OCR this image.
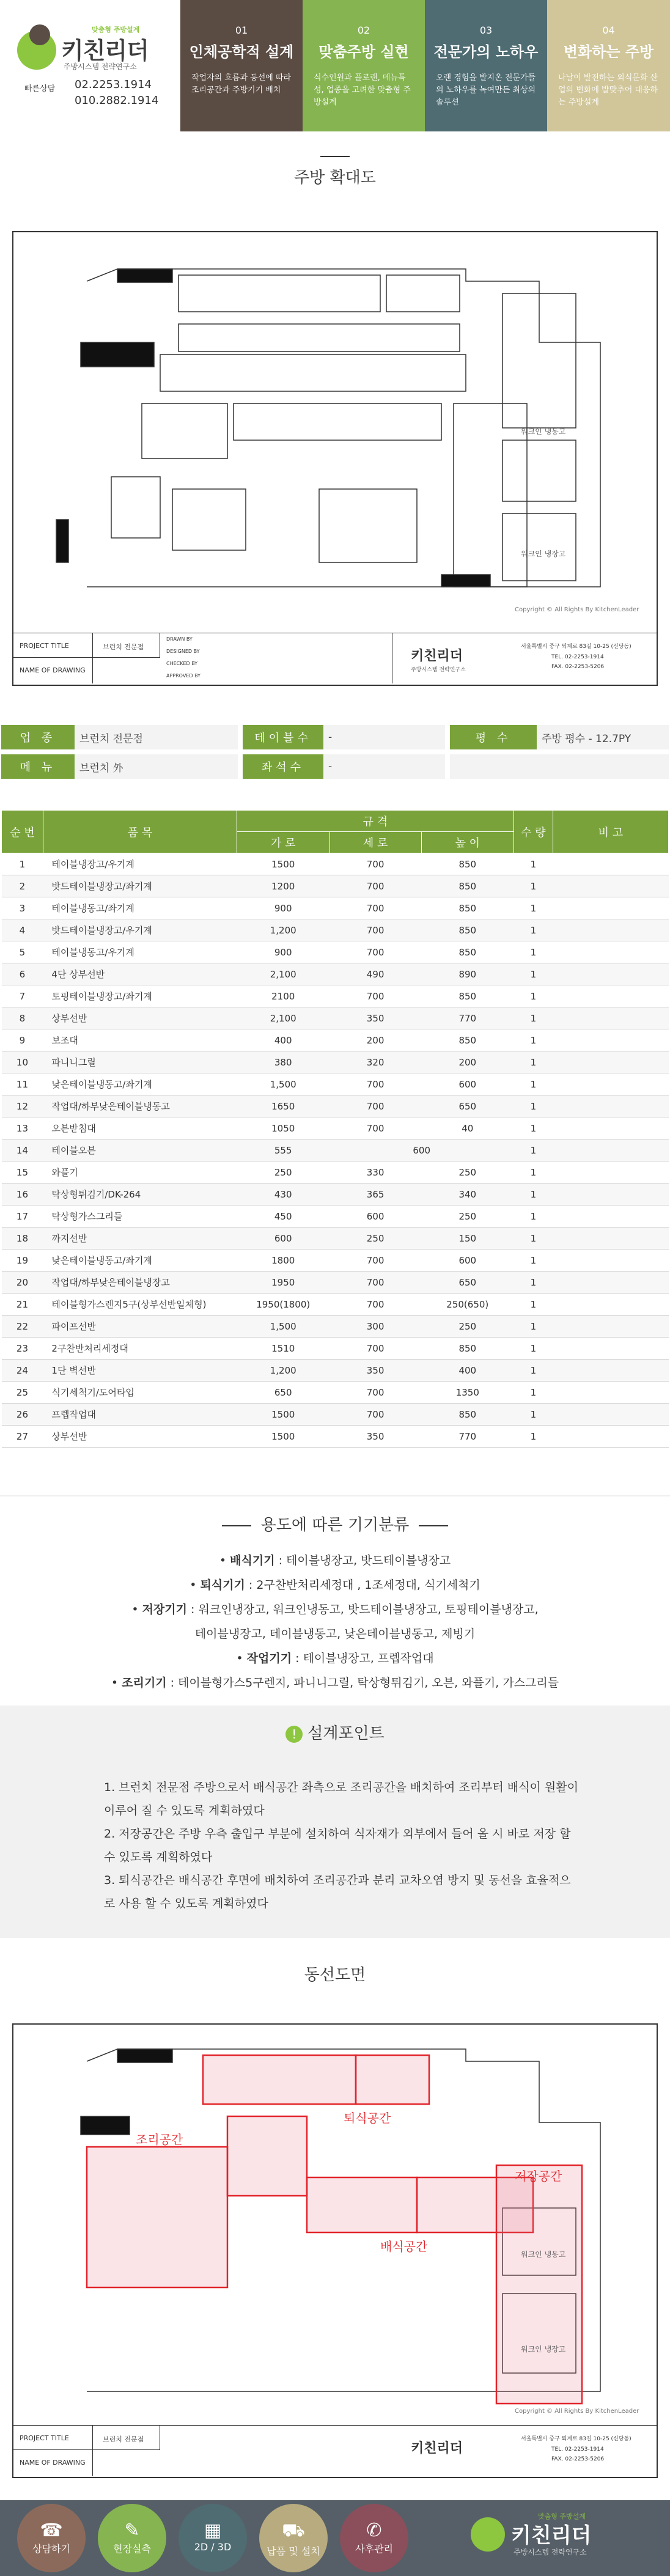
맞춤형 주방설계
키친리더
주방시스템 전략연구소
빠른상담 02.2253.1914
010.2882.1914
01
인체공학적 설계
작업자의 흐름과 동선에 따라 조리공간과 주방기기 배치
02
맞춤주방 실현
식수인원과 플로랜, 메뉴특성, 업종을 고려한 맞춤형 주방설계
03
전문가의 노하우
오랜 경험을 발지온 전문가들의 노하우를 녹여만든 최상의 솔루션
04
변화하는 주방
나날이 발전하는 외식문화 산업의 변화에 발맞추어 대응하는 주방설계
주방 확대도
워크인 냉동고
워크인 냉장고
Copyright © All Rights By KitchenLeader
PROJECT TITLE	브런치 전문점
NAME OF DRAWING
DRAWN BY
DESIGNED BY
CHECKED BY
APPROVED BY
키친리더
주방시스템 전략연구소
서울특별시 중구 퇴계로 83길 10-25 (신당동)
TEL. 02-2253-1914
FAX. 02-2253-5206
업 종	브런치 전문점		테이블수	-		평 수	주방 평수 - 12.7PY

메 뉴	브런치 外		좌석수	-			
순 번	품 목	규 격			수 량	비 고
		가 로	세 로	높 이		
1	테이블냉장고/우기계	1500	700	850	1	
2	밧드테이블냉장고/좌기계	1200	700	850	1	
3	테이블냉동고/좌기계	900	700	850	1	
4	밧드테이블냉장고/우기계	1,200	700	850	1	
5	테이블냉동고/우기계	900	700	850	1	
6	4단 상부선반	2,100	490	890	1	
7	토핑테이블냉장고/좌기계	2100	700	850	1	
8	상부선반	2,100	350	770	1	
9	보조대	400	200	850	1	
10	파니니그릴	380	320	200	1	
11	낮은테이블냉동고/좌기계	1,500	700	600	1	
12	작업대/하부낮은테이블냉동고	1650	700	650	1	
13	오븐받침대	1050	700	40	1	
14	테이블오븐	555	600		1	
15	와플기	250	330	250	1	
16	탁상형튀김기/DK-264	430	365	340	1	
17	탁상형가스그리들	450	600	250	1	
18	까지선반	600	250	150	1	
19	낮은테이블냉동고/좌기계	1800	700	600	1	
20	작업대/하부낮은테이블냉장고	1950	700	650	1	
21	테이블형가스렌지5구(상부선반일체형)	1950(1800)	700	250(650)	1	
22	파이프선반	1,500	300	250	1	
23	2구찬반처리세정대	1510	700	850	1	
24	1단 벽선반	1,200	350	400	1	
25	식기세척기/도어타입	650	700	1350	1	
26	프렙작업대	1500	700	850	1	
27	상부선반	1500	350	770	1	
용도에 따른 기기분류
• 배식기기 : 테이블냉장고, 밧드테이블냉장고
• 퇴식기기 : 2구찬반처리세정대 , 1조세정대, 식기세척기
• 저장기기 : 워크인냉장고, 워크인냉동고, 밧드테이블냉장고, 토핑테이블냉장고,
테이블냉장고, 테이블냉동고, 낮은테이블냉동고, 제빙기
• 작업기기 : 테이블냉장고, 프렙작업대
• 조리기기 : 테이블형가스5구렌지, 파니니그릴, 탁상형튀김기, 오븐, 와플기, 가스그리들
! 설계포인트
1. 브런치 전문점 주방으로서 배식공간 좌측으로 조리공간을 배치하여 조리부터 배식이 원활이 이루어 질 수 있도록 계획하였다
2. 저장공간은 주방 우측 출입구 부분에 설치하여 식자재가 외부에서 들어 올 시 바로 저장 할 수 있도록 계획하였다
3. 퇴식공간은 배식공간 후면에 배치하여 조리공간과 분리 교차오염 방지 및 동선을 효율적으로 사용 할 수 있도록 계획하였다
동선도면
조리공간
퇴식공간
배식공간
저장공간
워크인 냉동고
워크인 냉장고
Copyright © All Rights By KitchenLeader
PROJECT TITLE	브런치 전문점
NAME OF DRAWING
키친리더
서울특별시 중구 퇴계로 83길 10-25 (신당동)
TEL. 02-2253-1914
FAX. 02-2253-5206
☎
상담하기
✎
현장실측
▦
2D / 3D
⛟
납품 및 설치
✆
사후관리
맞춤형 주방설계
키친리더
주방시스템 전략연구소
